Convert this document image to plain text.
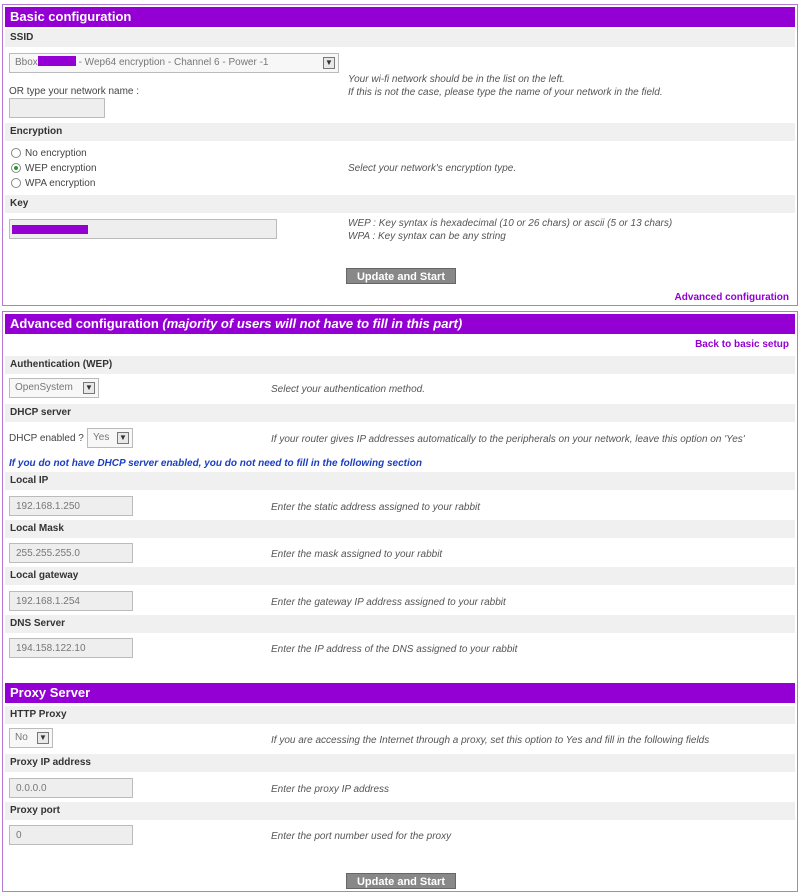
Basic configuration
SSID
Bbox	- Wep64 encryption - Channel 6 - Power -1	▼
Your wi-fi network should be in the list on the left.
If this is not the case, please type the name of your network in the field.
OR type your network name :
Encryption
No encryption
WEP encryption
WPA encryption
Select your network's encryption type.
Key
WEP : Key syntax is hexadecimal (10 or 26 chars) or ascii (5 or 13 chars)
WPA : Key syntax can be any string
Update and Start
Advanced configuration
Advanced configuration (majority of users will not have to fill in this part)
Back to basic setup
Authentication (WEP)
OpenSystem ▼	Select your authentication method.
DHCP server
DHCP enabled ? Yes ▼	If your router gives IP addresses automatically to the peripherals on your network, leave this option on 'Yes'
If you do not have DHCP server enabled, you do not need to fill in the following section
Local IP
192.168.1.250
Enter the static address assigned to your rabbit
Local Mask
255.255.255.0
Enter the mask assigned to your rabbit
Local gateway
192.168.1.254
Enter the gateway IP address assigned to your rabbit
DNS Server
194.158.122.10
Enter the IP address of the DNS assigned to your rabbit
Proxy Server
HTTP Proxy
No ▼	If you are accessing the Internet through a proxy, set this option to Yes and fill in the following fields
Proxy IP address
0.0.0.0
Enter the proxy IP address
Proxy port
0
Enter the port number used for the proxy
Update and Start
